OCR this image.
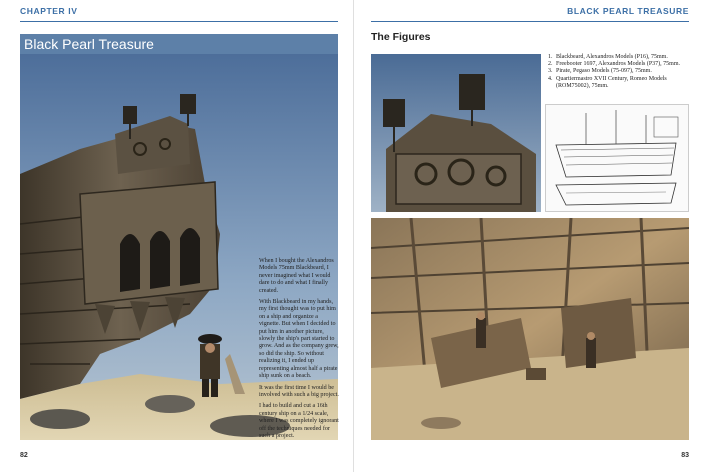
CHAPTER IV
Black Pearl Treasure

When I bought the Alexandros Models 75mm Blackbeard, I never imagined what I would dare to do and what I finally created.

With Blackbeard in my hands, my first thought was to put him on a ship and organize a vignette. But when I decided to put him in another picture, slowly the ship's part started to grow. And as the company grew, so did the ship. So without realizing it, I ended up representing almost half a pirate ship sunk on a beach.

It was the first time I would be involved with such a big project.

I had to build and cut a 16th century ship on a 1/24 scale, where I was completely ignorant off the techniques needed for such a project.

82
BLACK PEARL TREASURE
The Figures
1. Blackbeard, Alexandros Models (P16), 75mm.
2. Freebooter 1697, Alexandros Models (P37), 75mm.
3. Pirate, Pegaso Models (75-097), 75mm.
4. Quartiermastro XVII Century, Romeo Models (ROM75002), 75mm.
83
